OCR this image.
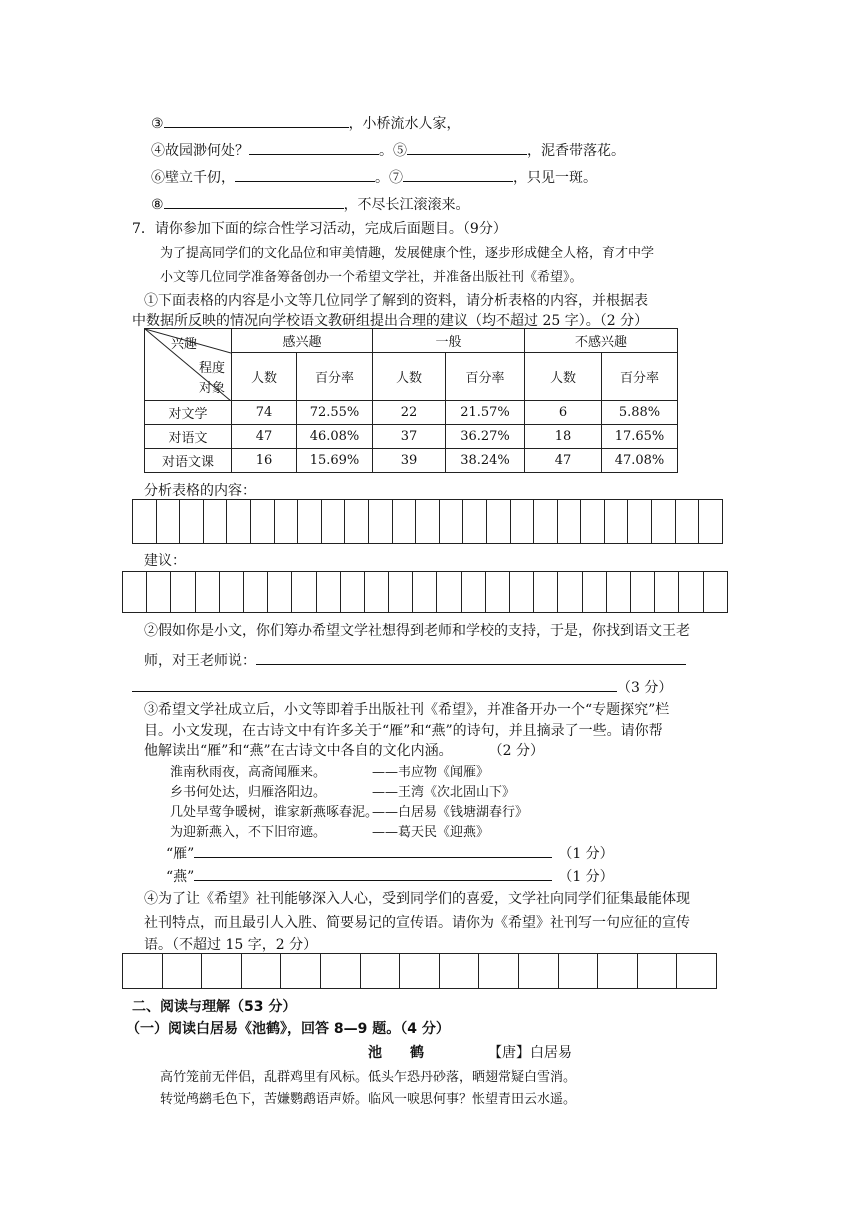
③	，小桥流水人家，
④故园渺何处？	。⑤	，泥香带落花。
⑥壁立千仞，	。⑦	，只见一斑。
⑧	，不尽长江滚滚来。
7．请你参加下面的综合性学习活动，完成后面题目。（9分）
为了提高同学们的文化品位和审美情趣，发展健康个性，逐步形成健全人格，育才中学
小文等几位同学准备筹备创办一个希望文学社，并准备出版社刊《希望》。
①下面表格的内容是小文等几位同学了解到的资料，请分析表格的内容，并根据表
中数据所反映的情况向学校语文教研组提出合理的建议（均不超过 25 字）。（2 分）
兴趣
程度
对象	感兴趣		一般		不感兴趣	
	人数	百分率	人数	百分率	人数	百分率
对文学	74	72.55%	22	21.57%	6	5.88%
对语文	47	46.08%	37	36.27%	18	17.65%
对语文课	16	15.69%	39	38.24%	47	47.08%
分析表格的内容：
建议：
②假如你是小文，你们筹办希望文学社想得到老师和学校的支持，于是，你找到语文王老
师，对王老师说：
（3 分）
③希望文学社成立后，小文等即着手出版社刊《希望》，并准备开办一个“专题探究”栏
目。小文发现，在古诗文中有许多关于“雁”和“燕”的诗句，并且摘录了一些。请你帮
他解读出“雁”和“燕”在古诗文中各自的文化内涵。	（2 分）
淮南秋雨夜，高斋闻雁来。	——韦应物《闻雁》
乡书何处达，归雁洛阳边。	——王湾《次北固山下》
几处早莺争暖树，谁家新燕啄春泥。
——白居易《钱塘湖春行》
为迎新燕入，不下旧帘遮。	——葛天民《迎燕》
“雁”	（1 分）
“燕”	（1 分）
④为了让《希望》社刊能够深入人心，受到同学们的喜爱，文学社向同学们征集最能体现
社刊特点，而且最引人入胜、简要易记的宣传语。请你为《希望》社刊写一句应征的宣传
语。（不超过 15 字，2 分）
二、阅读与理解（53 分）
（一）阅读白居易《池鹤》，回答 8—9 题。（4 分）
池　　鹤	【唐】白居易
高竹笼前无伴侣，乱群鸡里有风标。低头乍恐丹砂落，晒翅常疑白雪消。
转觉鸬鹚毛色下，苦嫌鹦鹉语声娇。临风一唳思何事？怅望青田云水遥。
